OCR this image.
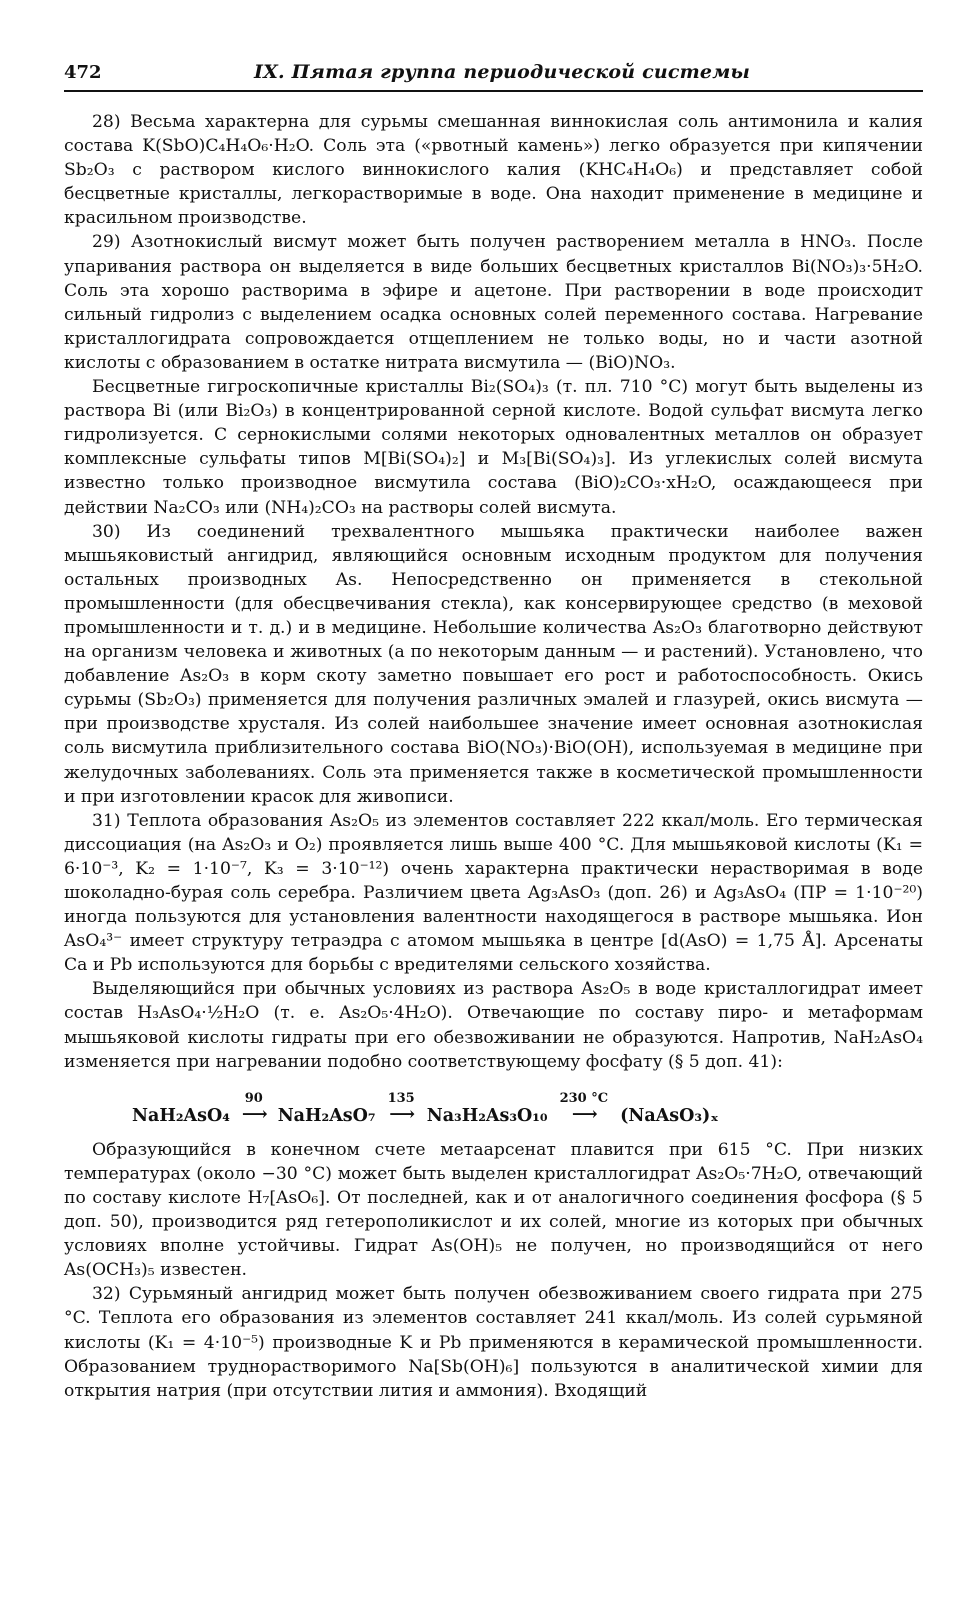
472	IX. Пятая группа периодической системы

28) Весьма характерна для сурьмы смешанная виннокислая соль антимонила и калия состава K(SbO)C₄H₄O₆·H₂O. Соль эта («рвотный камень») легко образуется при кипячении Sb₂O₃ с раствором кислого виннокислого калия (KHC₄H₄O₆) и представляет собой бесцветные кристаллы, легкорастворимые в воде. Она находит применение в медицине и красильном производстве.

29) Азотнокислый висмут может быть получен растворением металла в HNO₃. После упаривания раствора он выделяется в виде больших бесцветных кристаллов Bi(NO₃)₃·5H₂O. Соль эта хорошо растворима в эфире и ацетоне. При растворении в воде происходит сильный гидролиз с выделением осадка основных солей переменного состава. Нагревание кристаллогидрата сопровождается отщеплением не только воды, но и части азотной кислоты с образованием в остатке нитрата висмутила — (BiO)NO₃.

Бесцветные гигроскопичные кристаллы Bi₂(SO₄)₃ (т. пл. 710 °C) могут быть выделены из раствора Bi (или Bi₂O₃) в концентрированной серной кислоте. Водой сульфат висмута легко гидролизуется. С сернокислыми солями некоторых одновалентных металлов он образует комплексные сульфаты типов M[Bi(SO₄)₂] и M₃[Bi(SO₄)₃]. Из углекислых солей висмута известно только производное висмутила состава (BiO)₂CO₃·xH₂O, осаждающееся при действии Na₂CO₃ или (NH₄)₂CO₃ на растворы солей висмута.

30) Из соединений трехвалентного мышьяка практически наиболее важен мышьяковистый ангидрид, являющийся основным исходным продуктом для получения остальных производных As. Непосредственно он применяется в стекольной промышленности (для обесцвечивания стекла), как консервирующее средство (в меховой промышленности и т. д.) и в медицине. Небольшие количества As₂O₃ благотворно действуют на организм человека и животных (а по некоторым данным — и растений). Установлено, что добавление As₂O₃ в корм скоту заметно повышает его рост и работоспособность. Окись сурьмы (Sb₂O₃) применяется для получения различных эмалей и глазурей, окись висмута — при производстве хрусталя. Из солей наибольшее значение имеет основная азотнокислая соль висмутила приблизительного состава BiO(NO₃)·BiO(OH), используемая в медицине при желудочных заболеваниях. Соль эта применяется также в косметической промышленности и при изготовлении красок для живописи.

31) Теплота образования As₂O₅ из элементов составляет 222 ккал/моль. Его термическая диссоциация (на As₂O₃ и O₂) проявляется лишь выше 400 °C. Для мышьяковой кислоты (K₁ = 6·10⁻³, K₂ = 1·10⁻⁷, K₃ = 3·10⁻¹²) очень характерна практически нерастворимая в воде шоколадно-бурая соль серебра. Различием цвета Ag₃AsO₃ (доп. 26) и Ag₃AsO₄ (ПР = 1·10⁻²⁰) иногда пользуются для установления валентности находящегося в растворе мышьяка. Ион AsO₄³⁻ имеет структуру тетраэдра с атомом мышьяка в центре [d(AsO) = 1,75 Å]. Арсенаты Ca и Pb используются для борьбы с вредителями сельского хозяйства.

Выделяющийся при обычных условиях из раствора As₂O₅ в воде кристаллогидрат имеет состав H₃AsO₄·½H₂O (т. е. As₂O₅·4H₂O). Отвечающие по составу пиро- и метаформам мышьяковой кислоты гидраты при его обезвоживании не образуются. Напротив, NaH₂AsO₄ изменяется при нагревании подобно соответствующему фосфату (§ 5 доп. 41):

NaH₂AsO₄
90
⟶ NaH₂AsO₇
135
⟶ Na₃H₂As₃O₁₀
230 °C
⟶ (NaAsO₃)ₓ

Образующийся в конечном счете метаарсенат плавится при 615 °C. При низких температурах (около −30 °C) может быть выделен кристаллогидрат As₂O₅·7H₂O, отвечающий по составу кислоте H₇[AsO₆]. От последней, как и от аналогичного соединения фосфора (§ 5 доп. 50), производится ряд гетерополикислот и их солей, многие из которых при обычных условиях вполне устойчивы. Гидрат As(OH)₅ не получен, но производящийся от него As(OCH₃)₅ известен.

32) Сурьмяный ангидрид может быть получен обезвоживанием своего гидрата при 275 °C. Теплота его образования из элементов составляет 241 ккал/моль. Из солей сурьмяной кислоты (K₁ = 4·10⁻⁵) производные K и Pb применяются в керамической промышленности. Образованием труднорастворимого Na[Sb(OH)₆] пользуются в аналитической химии для открытия натрия (при отсутствии лития и аммония). Входящий
